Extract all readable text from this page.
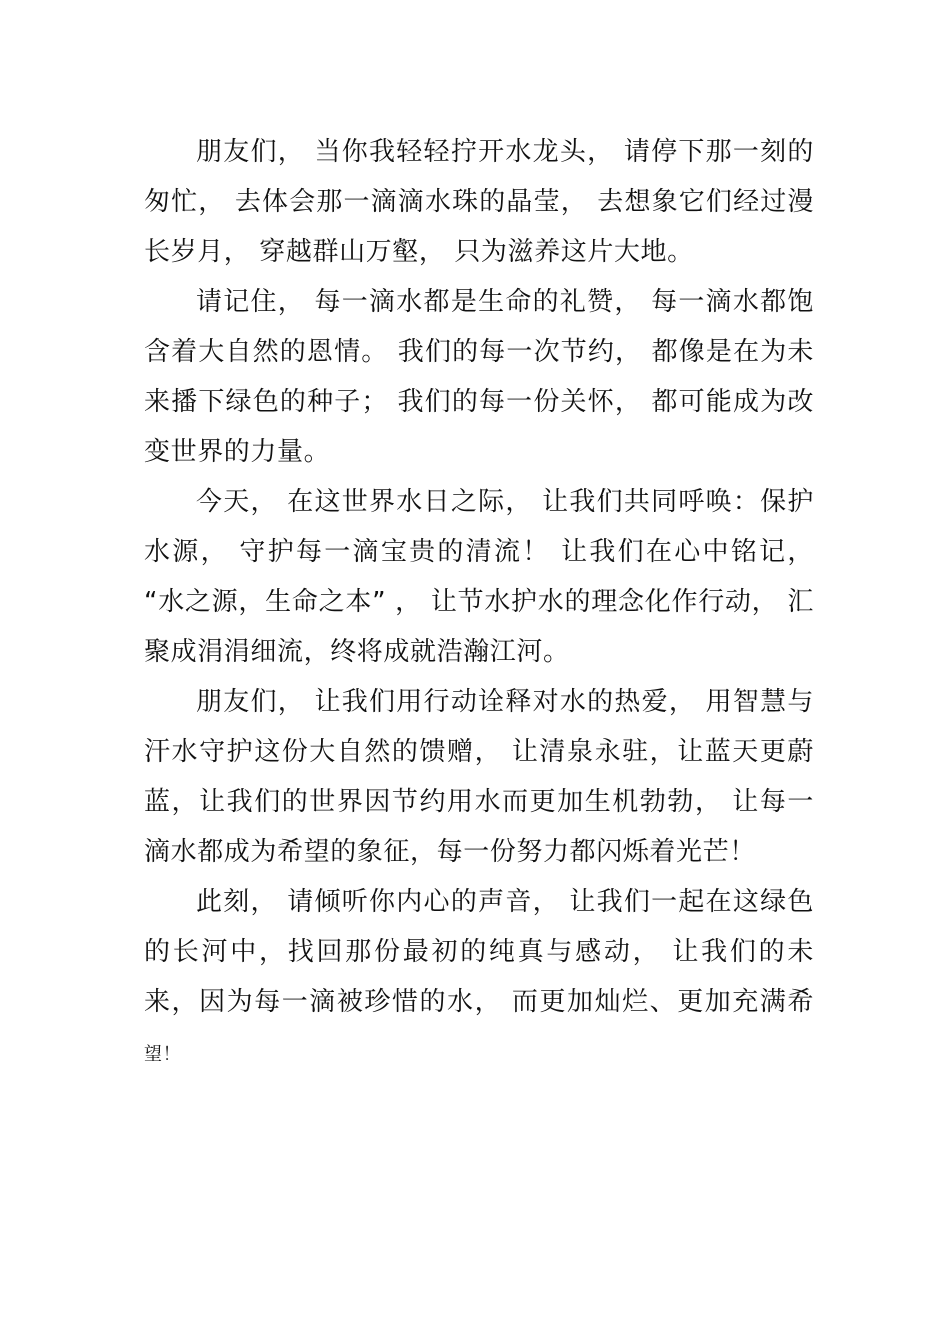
朋友们， 当你我轻轻拧开水龙头， 请停下那一刻的匆忙， 去体会那一滴滴水珠的晶莹， 去想象它们经过漫长岁月， 穿越群山万壑， 只为滋养这片大地。

请记住， 每一滴水都是生命的礼赞， 每一滴水都饱含着大自然的恩情。 我们的每一次节约， 都像是在为未来播下绿色的种子； 我们的每一份关怀， 都可能成为改变世界的力量。

今天， 在这世界水日之际， 让我们共同呼唤：保护水源， 守护每一滴宝贵的清流！ 让我们在心中铭记， “水之源，生命之本” ， 让节水护水的理念化作行动， 汇聚成涓涓细流，终将成就浩瀚江河。

朋友们， 让我们用行动诠释对水的热爱， 用智慧与汗水守护这份大自然的馈赠， 让清泉永驻，让蓝天更蔚蓝，让我们的世界因节约用水而更加生机勃勃， 让每一滴水都成为希望的象征，每一份努力都闪烁着光芒！

此刻， 请倾听你内心的声音， 让我们一起在这绿色的长河中，找回那份最初的纯真与感动， 让我们的未来，因为每一滴被珍惜的水， 而更加灿烂、更加充满希望！
